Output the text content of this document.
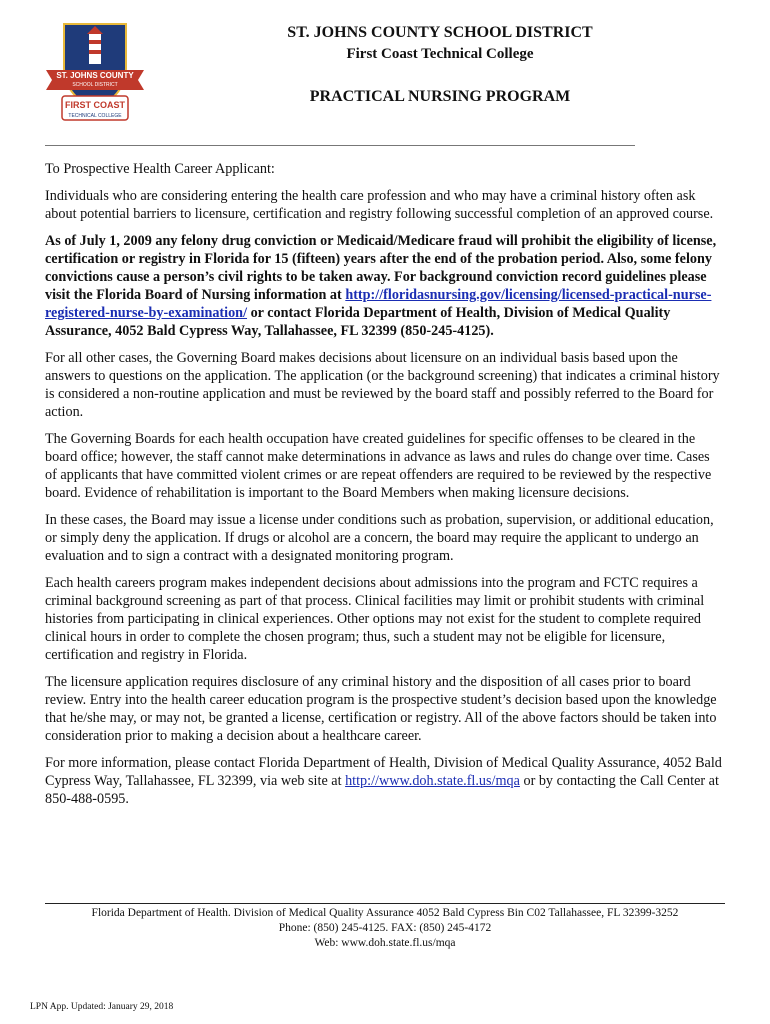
ST. JOHNS COUNTY
SCHOOL DISTRICT
FIRST COAST
TECHNICAL COLLEGE
ST. JOHNS COUNTY SCHOOL DISTRICT
First Coast Technical College
PRACTICAL NURSING PROGRAM

To Prospective Health Career Applicant:

Individuals who are considering entering the health care profession and who may have a criminal history often ask about potential barriers to licensure, certification and registry following successful completion of an approved course.

As of July 1, 2009 any felony drug conviction or Medicaid/Medicare fraud will prohibit the eligibility of license, certification or registry in Florida for 15 (fifteen) years after the end of the probation period. Also, some felony convictions cause a person’s civil rights to be taken away. For background conviction record guidelines please visit the Florida Board of Nursing information at http://floridasnursing.gov/licensing/licensed-practical-nurse-registered-nurse-by-examination/ or contact Florida Department of Health, Division of Medical Quality Assurance, 4052 Bald Cypress Way, Tallahassee, FL 32399 (850-245-4125).

For all other cases, the Governing Board makes decisions about licensure on an individual basis based upon the answers to questions on the application. The application (or the background screening) that indicates a criminal history is considered a non-routine application and must be reviewed by the board staff and possibly referred to the Board for action.

The Governing Boards for each health occupation have created guidelines for specific offenses to be cleared in the board office; however, the staff cannot make determinations in advance as laws and rules do change over time. Cases of applicants that have committed violent crimes or are repeat offenders are required to be reviewed by the respective board. Evidence of rehabilitation is important to the Board Members when making licensure decisions.

In these cases, the Board may issue a license under conditions such as probation, supervision, or additional education, or simply deny the application. If drugs or alcohol are a concern, the board may require the applicant to undergo an evaluation and to sign a contract with a designated monitoring program.

Each health careers program makes independent decisions about admissions into the program and FCTC requires a criminal background screening as part of that process. Clinical facilities may limit or prohibit students with criminal histories from participating in clinical experiences. Other options may not exist for the student to complete required clinical hours in order to complete the chosen program; thus, such a student may not be eligible for licensure, certification and registry in Florida.

The licensure application requires disclosure of any criminal history and the disposition of all cases prior to board review. Entry into the health career education program is the prospective student’s decision based upon the knowledge that he/she may, or may not, be granted a license, certification or registry. All of the above factors should be taken into consideration prior to making a decision about a healthcare career.

For more information, please contact Florida Department of Health, Division of Medical Quality Assurance, 4052 Bald Cypress Way, Tallahassee, FL 32399, via web site at http://www.doh.state.fl.us/mqa or by contacting the Call Center at 850-488-0595.

Florida Department of Health. Division of Medical Quality Assurance 4052 Bald Cypress Bin C02 Tallahassee, FL 32399-3252
Phone: (850) 245-4125. FAX: (850) 245-4172
Web: www.doh.state.fl.us/mqa
LPN App. Updated: January 29, 2018
